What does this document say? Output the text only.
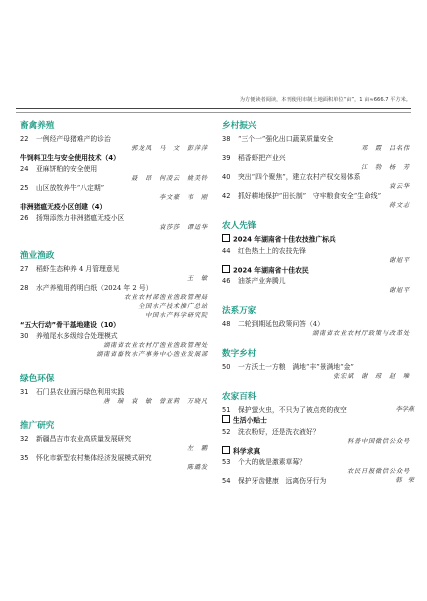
为方便读者阅读，本刊使用市制土地面积单位“亩”，1 亩≈666.7 平方米。
畜禽养殖
22	一例经产母猪难产的诊治
郭龙凤　马　文　彭萍萍
牛饲料卫生与安全使用技术（4）
24	亚麻饼粕的安全使用
聂　昂　何凌云　姚美铃
25	山区放牧养牛“八定期”
李文豪　韦　刚
非洲猪瘟无疫小区创建（4）
26	扬翔添然力非洲猪瘟无疫小区
袁莎莎　谭适华
渔业渔政
27	稻虾生态种养 4 月管理意见
王　敏
28	水产养殖用药明白纸（2024 年 2 号）
农业农村部渔业渔政管理局
全国水产技术推广总站
中国水产科学研究院
“五大行动”骨干基地建设（10）
30	养殖尾水多级综合处理模式
湖南省农业农村厅渔业渔政管理处
湖南省畜牧水产事务中心渔业发展部
绿色环保
31	石门县农业面污绿色利用实践
唐　瑞　袁　敏　曾亚莉　万晓凡
推广研究
32	新疆昌吉市农业高质量发展研究
左　鹏
35	怀化市新型农村集体经济发展模式研究
陈璐发
乡村振兴
38	“三个一”强化出口蔬菜质量安全
邓　霞　吕名伟
39	稻香虾把产业兴
江　勃　杨　芳
40	突出“四个聚焦”，建立农村产权交易体系
袁云华
42	抓好耕地保护“田长制”　守牢粮食安全“生命线”
蒋文志
农人先锋
2024 年湖南省十佳农技推广标兵
44	红色热土上的农技先锋
谢旭平
2024 年湖南省十佳农民
46	油茶产业奔腾儿
谢旭平
法系万家
48	二轮到期延包政策问答（4）
湖南省农业农村厅政策与改革处
数字乡村
50	一方沃土一方粮　满地“丰”景满地“金”
张宏斌　谢　琼　赵　唯
农家百科
51	保护萤火虫，不只为了被点亮的夜空	李学燕
生活小贴士
52	洗衣粉好，还是洗衣液好？
科普中国微信公众号
科学求真
53	个大的就是激素草莓？
农民日报微信公众号
54	保护牙齿健康　远离伤牙行为	韩　荣
